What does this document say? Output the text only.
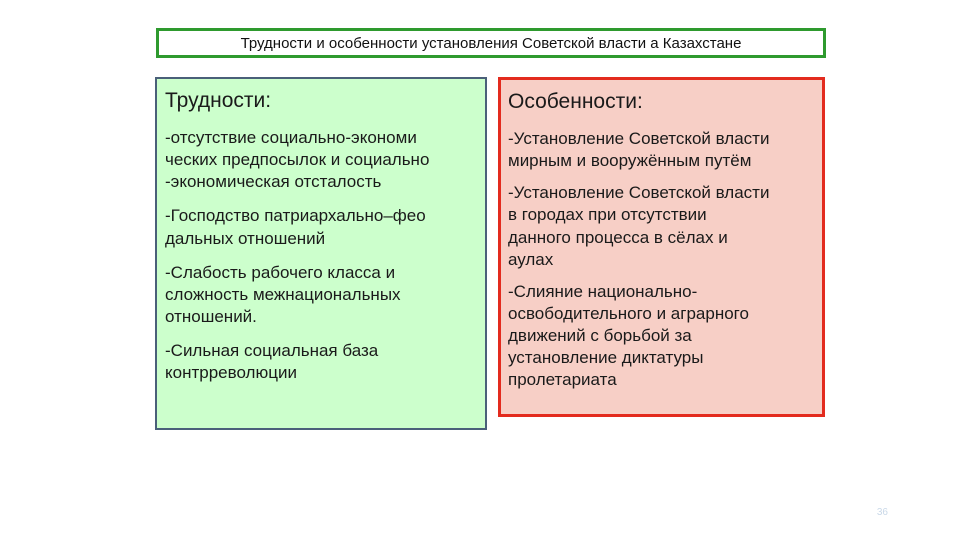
Трудности и особенности установления Советской власти а Казахстане
Трудности:
-отсутствие социально-экономи
ческих предпосылок и социально
-экономическая отсталость
-Господство патриархально–фео
дальных отношений
-Слабость рабочего класса и
сложность межнациональных
отношений.
-Сильная социальная база
контрреволюции
Особенности:
-Установление Советской власти
мирным и вооружённым путём
-Установление Советской власти
в городах при отсутствии
данного процесса в сёлах и
аулах
-Слияние национально-
освободительного и аграрного
движений с борьбой за
установление диктатуры
пролетариата
36
